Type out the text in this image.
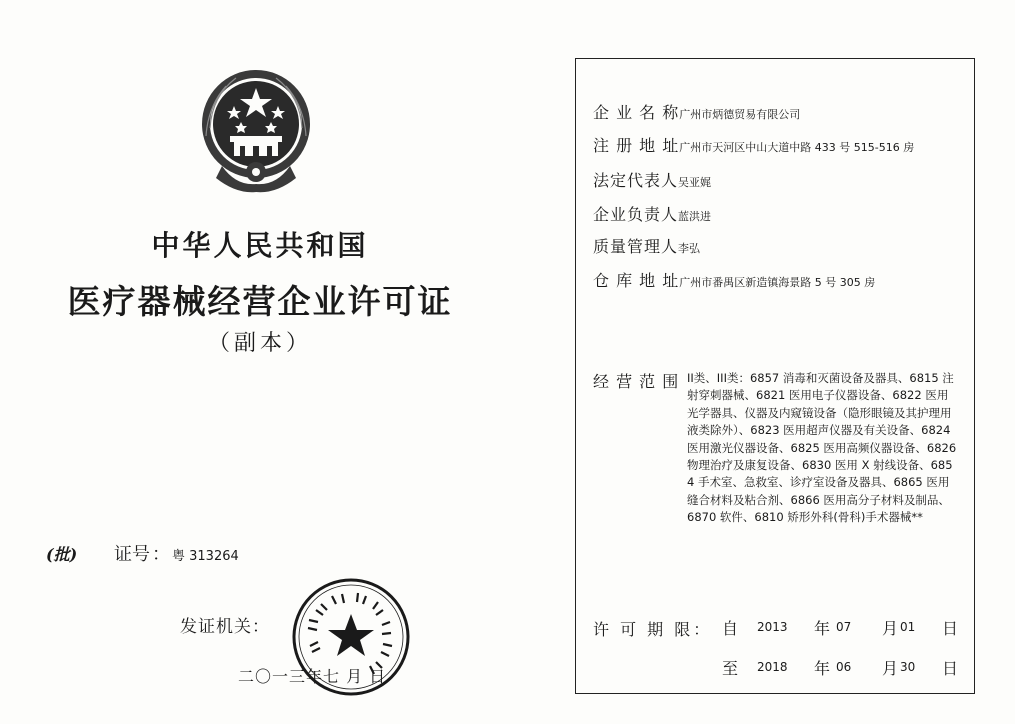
中华人民共和国
医疗器械经营企业许可证
（副本）
(批) 证号 ： 粤 313264
发证机关：
二〇一三年七 月 日
企 业 名 称广州市炳德贸易有限公司
注 册 地 址广州市天河区中山大道中路 433 号 515-516 房
法定代表人吴亚娓
企业负责人蓝洪进
质量管理人李弘
仓 库 地 址广州市番禺区新造镇海景路 5 号 305 房
经 营 范 围 II类、III类：6857 消毒和灭菌设备及器具、6815 注射穿刺器械、6821 医用电子仪器设备、6822 医用光学器具、仪器及内窥镜设备（隐形眼镜及其护理用液类除外）、6823 医用超声仪器及有关设备、6824 医用激光仪器设备、6825 医用高频仪器设备、6826 物理治疗及康复设备、6830 医用 X 射线设备、6854 手术室、急救室、诊疗室设备及器具、6865 医用缝合材料及粘合剂、6866 医用高分子材料及制品、6870 软件、6810 矫形外科(骨科)手术器械**
许 可 期 限： 自 2013 年 07 月 01 日
至 2018 年 06 月 30 日
